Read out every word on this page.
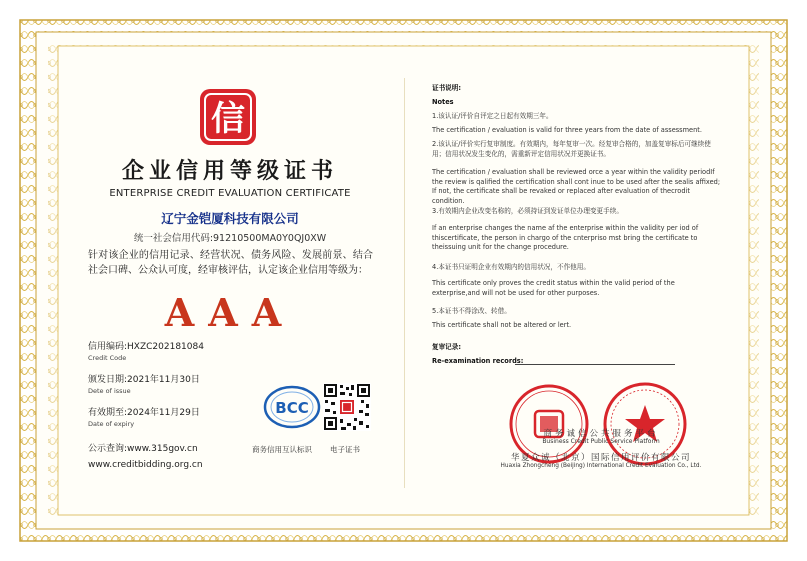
信
企业信用等级证书
ENTERPRISE CREDIT EVALUATION CERTIFICATE
辽宁金铠厦科技有限公司
统一社会信用代码:91210500MA0Y0QJ0XW
针对该企业的信用记录、经营状况、债务风险、发展前景、结合社会口碑、公众认可度，经审核评估，认定该企业信用等级为：
AAA
信用编码:HXZC202181084
Credit Code
颁发日期:2021年11月30日
Dete of issue
有效期至:2024年11月29日
Date of expiry
公示查询:www.315gov.cn
www.creditbidding.org.cn
BCC
商务信用互认标识 电子证书
证书说明:
Notes
1.该认证/评价自评定之日起有效期三年。
The certification / evaluation is valid for three years from the date of assessment.
2.该认证/评价实行复审制度。有效期内，每年复审一次。经复审合格的，加盖复审标后可继续使用；信用状况发生变化的，需重新评定信用状况并更换证书。
The certification / evaluation shall be reviewed orce a year within the validity periodIf the review is qalified the certification shall cont inue to be used after the sealis affixed; If not, the certificate shall be revaked or replaced after evaluation of thecrodit condition.
3.有效期内企业改变名称的，必须持证到发证单位办理变更手续。
If an enterprise changes the name af the enterprise within the validity per iod of thiscertificate, the person in chargo of the cnterpriso mst bring the certificate to theissuing unit for the change procedure.
4.本证书只证明企业有效期内的信用状况，不作他用。
This certificate only proves the credit status within the valid period of the exterprise,and will not be used for other purposes.
5.本证书不得涂改、转借。
This certificate shall not be altered or lert.
复审记录:
Re-examination records:
商务诚信公共服务平台
Business Credit Public Service Platform
华夏众诚（北京）国际信用评价有限公司
Huaxia Zhongcheng (Beijing) International Credit Evaluation Co., Ltd.
